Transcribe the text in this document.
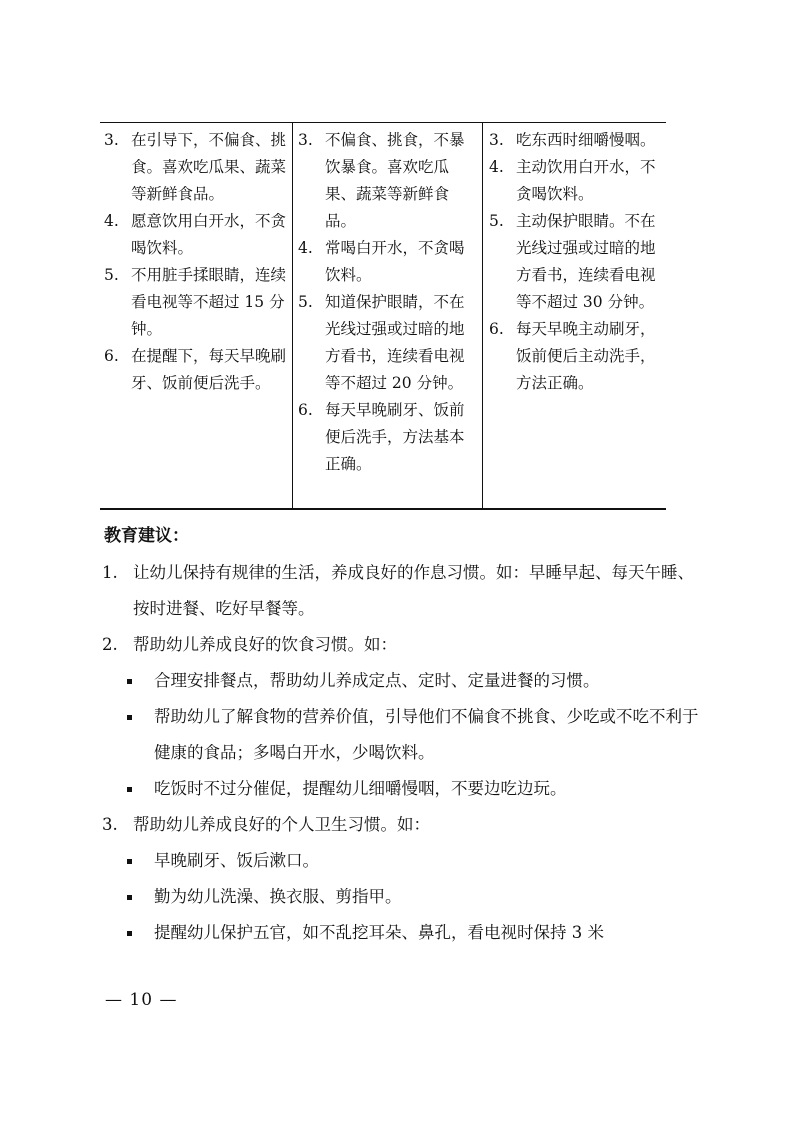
3. 在引导下，不偏食、挑食。喜欢吃瓜果、蔬菜等新鲜食品。
4. 愿意饮用白开水，不贪喝饮料。
5. 不用脏手揉眼睛，连续看电视等不超过 15 分钟。
6. 在提醒下，每天早晚刷牙、饭前便后洗手。
3. 不偏食、挑食，不暴饮暴食。喜欢吃瓜果、蔬菜等新鲜食品。
4. 常喝白开水，不贪喝饮料。
5. 知道保护眼睛，不在光线过强或过暗的地方看书，连续看电视等不超过 20 分钟。
6. 每天早晚刷牙、饭前便后洗手，方法基本正确。
3. 吃东西时细嚼慢咽。
4. 主动饮用白开水，不贪喝饮料。
5. 主动保护眼睛。不在光线过强或过暗的地方看书，连续看电视等不超过 30 分钟。
6. 每天早晚主动刷牙，饭前便后主动洗手，方法正确。
教育建议：
1. 让幼儿保持有规律的生活，养成良好的作息习惯。如：早睡早起、每天午睡、按时进餐、吃好早餐等。
2. 帮助幼儿养成良好的饮食习惯。如：
合理安排餐点，帮助幼儿养成定点、定时、定量进餐的习惯。
帮助幼儿了解食物的营养价值，引导他们不偏食不挑食、少吃或不吃不利于健康的食品；多喝白开水，少喝饮料。
吃饭时不过分催促，提醒幼儿细嚼慢咽，不要边吃边玩。
3. 帮助幼儿养成良好的个人卫生习惯。如：
早晚刷牙、饭后漱口。
勤为幼儿洗澡、换衣服、剪指甲。
提醒幼儿保护五官，如不乱挖耳朵、鼻孔，看电视时保持 3 米
— 10 —
